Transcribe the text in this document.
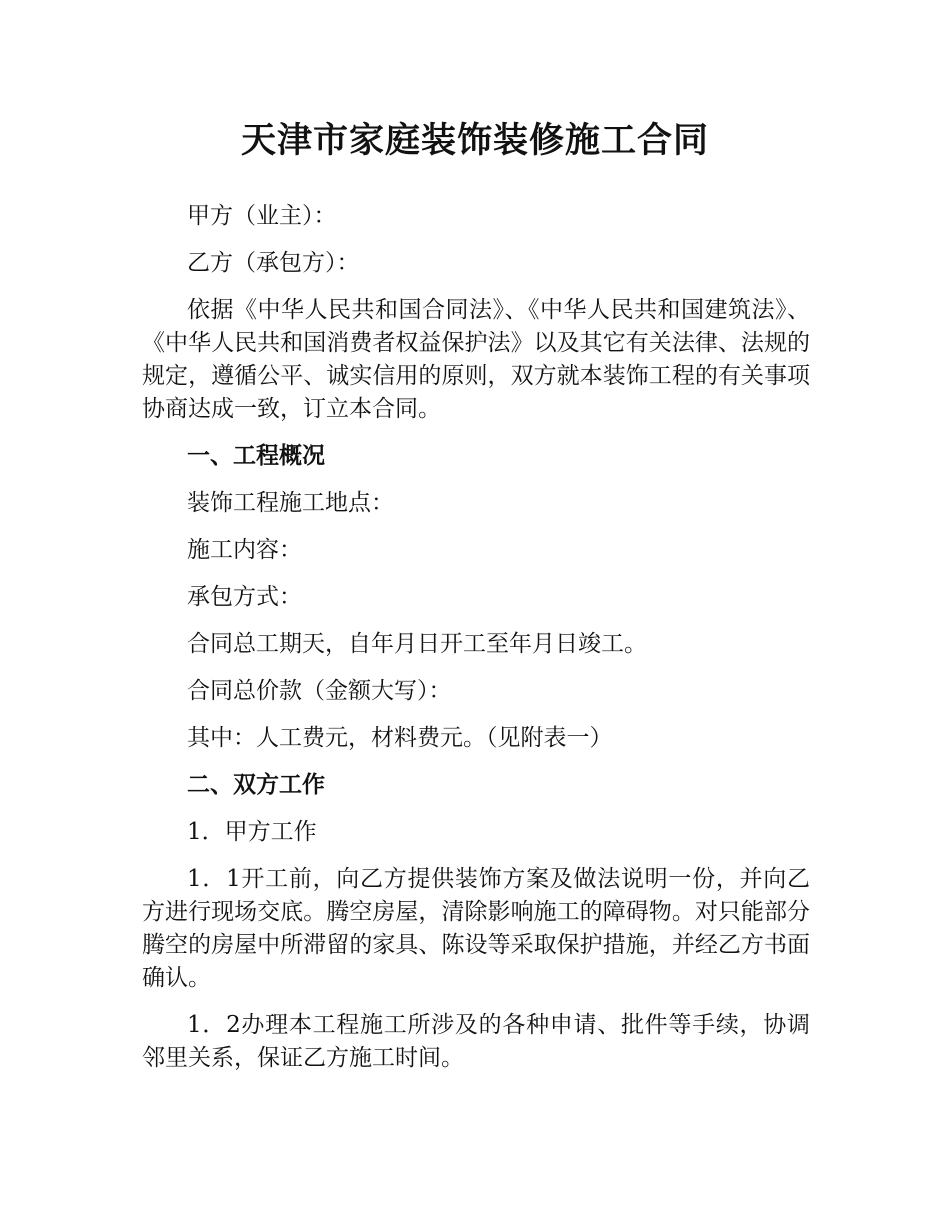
天津市家庭装饰装修施工合同

甲方（业主）：

乙方（承包方）：

依据《中华人民共和国合同法》、《中华人民共和国建筑法》、《中华人民共和国消费者权益保护法》以及其它有关法律、法规的规定，遵循公平、诚实信用的原则，双方就本装饰工程的有关事项协商达成一致，订立本合同。

一、工程概况

装饰工程施工地点：

施工内容：

承包方式：

合同总工期天，自年月日开工至年月日竣工。

合同总价款（金额大写）：

其中：人工费元，材料费元。（见附表一）

二、双方工作

1．甲方工作

1．1开工前，向乙方提供装饰方案及做法说明一份，并向乙方进行现场交底。腾空房屋，清除影响施工的障碍物。对只能部分腾空的房屋中所滞留的家具、陈设等采取保护措施，并经乙方书面确认。

1．2办理本工程施工所涉及的各种申请、批件等手续，协调邻里关系，保证乙方施工时间。
